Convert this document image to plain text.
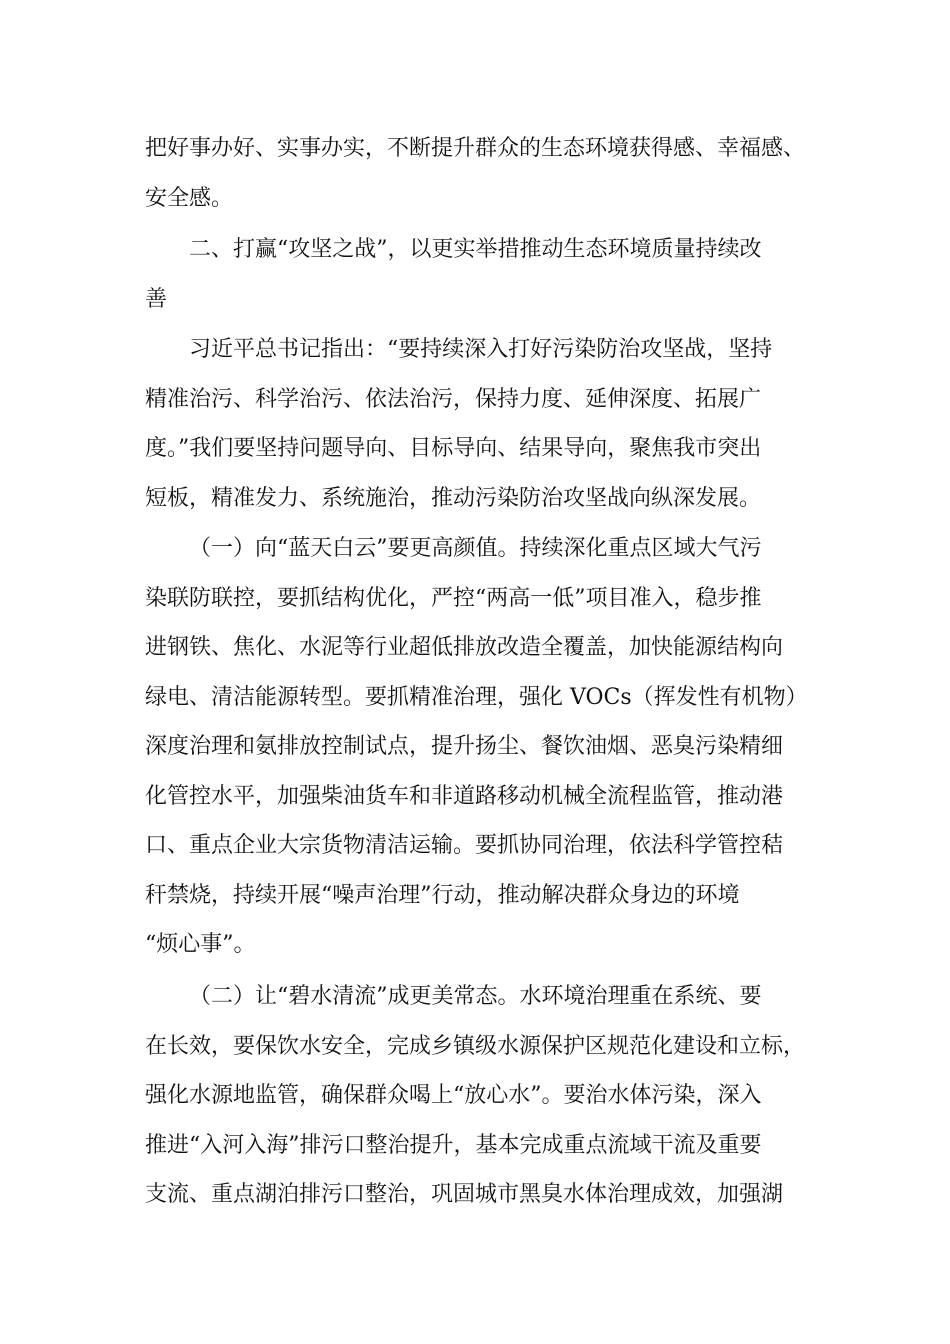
把好事办好、实事办实，不断提升群众的生态环境获得感、幸福感、
安全感。
二、打赢“攻坚之战”，以更实举措推动生态环境质量持续改
善
习近平总书记指出：“要持续深入打好污染防治攻坚战，坚持
精准治污、科学治污、依法治污，保持力度、延伸深度、拓展广
度。”我们要坚持问题导向、目标导向、结果导向，聚焦我市突出
短板，精准发力、系统施治，推动污染防治攻坚战向纵深发展。
（一）向“蓝天白云”要更高颜值。持续深化重点区域大气污
染联防联控，要抓结构优化，严控“两高一低”项目准入，稳步推
进钢铁、焦化、水泥等行业超低排放改造全覆盖，加快能源结构向
绿电、清洁能源转型。要抓精准治理，强化 VOCs（挥发性有机物）
深度治理和氨排放控制试点，提升扬尘、餐饮油烟、恶臭污染精细
化管控水平，加强柴油货车和非道路移动机械全流程监管，推动港
口、重点企业大宗货物清洁运输。要抓协同治理，依法科学管控秸
秆禁烧，持续开展“噪声治理”行动，推动解决群众身边的环境
“烦心事”。
（二）让“碧水清流”成更美常态。水环境治理重在系统、要
在长效，要保饮水安全，完成乡镇级水源保护区规范化建设和立标，
强化水源地监管，确保群众喝上“放心水”。要治水体污染，深入
推进“入河入海”排污口整治提升，基本完成重点流域干流及重要
支流、重点湖泊排污口整治，巩固城市黑臭水体治理成效，加强湖
